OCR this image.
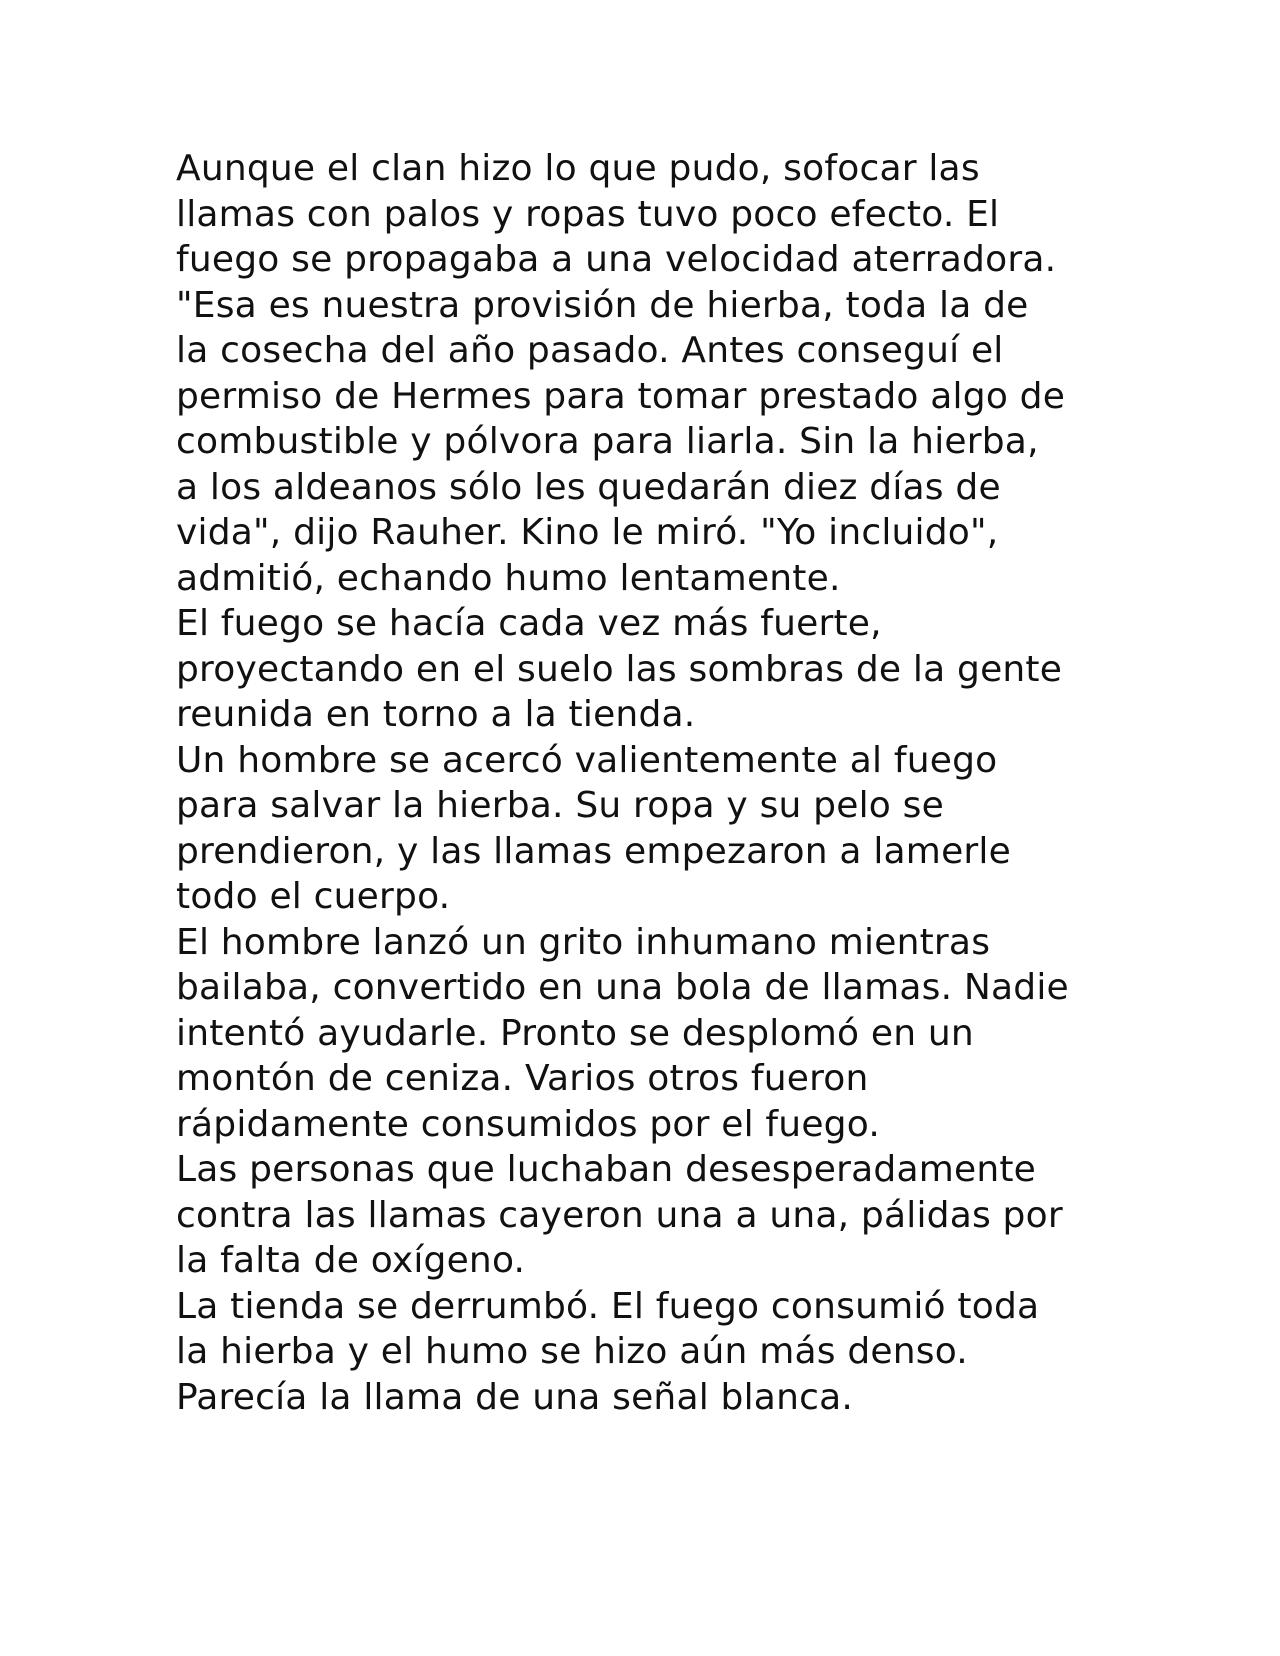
Aunque el clan hizo lo que pudo, sofocar las
llamas con palos y ropas tuvo poco efecto. El
fuego se propagaba a una velocidad aterradora.
"Esa es nuestra provisión de hierba, toda la de
la cosecha del año pasado. Antes conseguí el
permiso de Hermes para tomar prestado algo de
combustible y pólvora para liarla. Sin la hierba,
a los aldeanos sólo les quedarán diez días de
vida", dijo Rauher. Kino le miró. "Yo incluido",
admitió, echando humo lentamente.
El fuego se hacía cada vez más fuerte,
proyectando en el suelo las sombras de la gente
reunida en torno a la tienda.
Un hombre se acercó valientemente al fuego
para salvar la hierba. Su ropa y su pelo se
prendieron, y las llamas empezaron a lamerle
todo el cuerpo.
El hombre lanzó un grito inhumano mientras
bailaba, convertido en una bola de llamas. Nadie
intentó ayudarle. Pronto se desplomó en un
montón de ceniza. Varios otros fueron
rápidamente consumidos por el fuego.
Las personas que luchaban desesperadamente
contra las llamas cayeron una a una, pálidas por
la falta de oxígeno.
La tienda se derrumbó. El fuego consumió toda
la hierba y el humo se hizo aún más denso.
Parecía la llama de una señal blanca.
